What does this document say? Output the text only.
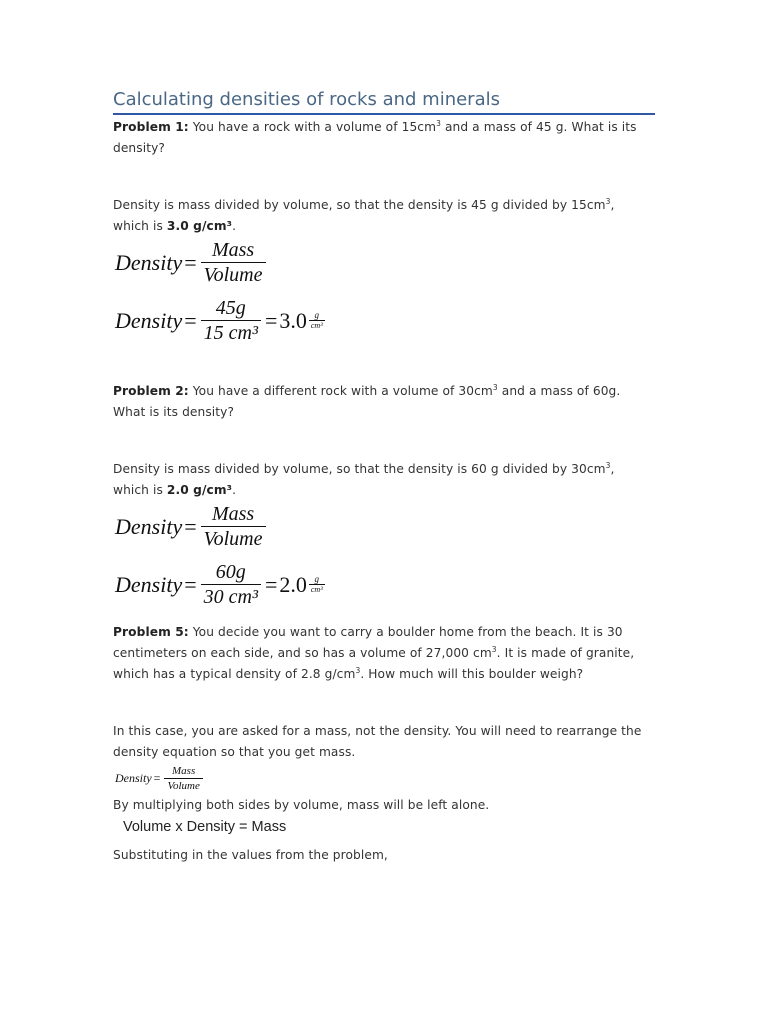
Calculating densities of rocks and minerals

Problem 1: You have a rock with a volume of $15cm^3$ and a mass of 45 g. What is its density?

Density is mass divided by volume, so that the density is 45 g divided by $15cm^3$, which is 3.0 g/cm³.

Density = $\frac{\text{Mass}}{\text{Volume}}$
Density = $\frac{45g}{\text{15 cm³}} = 3.0 \frac{g}{\text{cm³}}$

Problem 2: You have a different rock with a volume of $30cm^3$ and a mass of 60g. What is its density?

Density is mass divided by volume, so that the density is 60 g divided by $30cm^3$, which is 2.0 g/cm³.

Density = $\frac{\text{Mass}}{\text{Volume}}$
Density = $\frac{60g}{\text{30 cm³}} = 2.0 \frac{g}{\text{cm³}}$

Problem 5: You decide you want to carry a boulder home from the beach. It is 30 centimeters on each side, and so has a volume of 27,000 $cm^3$. It is made of granite, which has a typical density of 2.8 $g/cm^3$. How much will this boulder weigh?

In this case, you are asked for a mass, not the density. You will need to rearrange the density equation so that you get mass.

Density = $\frac{\text{Mass}}{\text{Volume}}$

By multiplying both sides by volume, mass will be left alone.

Volume x Density = Mass

Substituting in the values from the problem,
